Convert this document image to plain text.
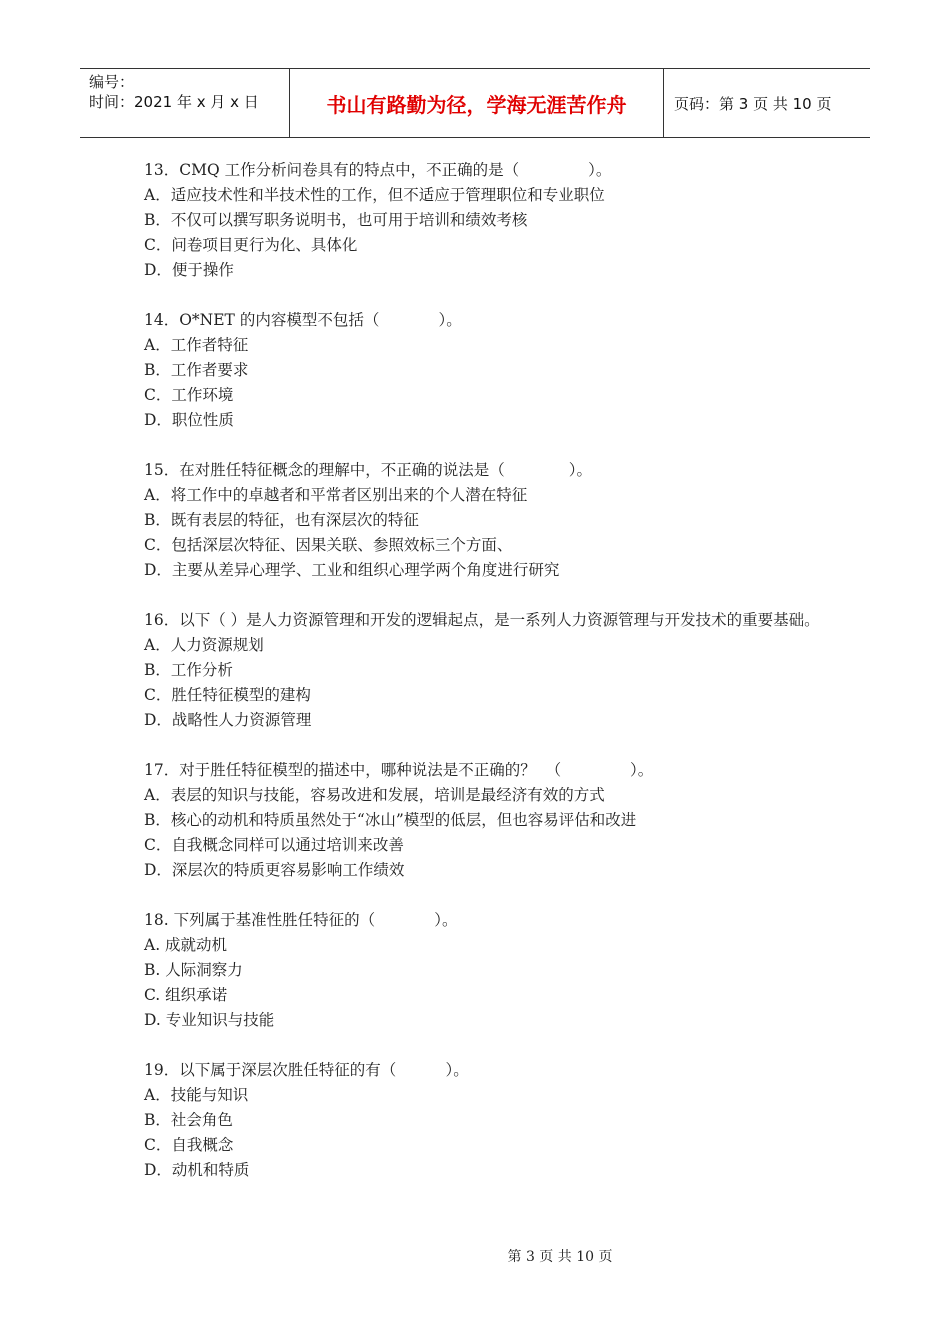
编号：
时间：2021 年 x 月 x 日	书山有路勤为径，学海无涯苦作舟	页码：第 3 页 共 10 页
13．CMQ 工作分析问卷具有的特点中，不正确的是（              ）。
A．适应技术性和半技术性的工作，但不适应于管理职位和专业职位
B．不仅可以撰写职务说明书，也可用于培训和绩效考核
C．问卷项目更行为化、具体化
D．便于操作
14．O*NET 的内容模型不包括（            ）。
A．工作者特征
B．工作者要求
C．工作环境
D．职位性质
15．在对胜任特征概念的理解中，不正确的说法是（             ）。
A．将工作中的卓越者和平常者区别出来的个人潜在特征
B．既有表层的特征，也有深层次的特征
C．包括深层次特征、因果关联、参照效标三个方面、
D．主要从差异心理学、工业和组织心理学两个角度进行研究
16．以下（ ）是人力资源管理和开发的逻辑起点，是一系列人力资源管理与开发技术的重要基础。
A．人力资源规划
B．工作分析
C．胜任特征模型的建构
D．战略性人力资源管理
17．对于胜任特征模型的描述中，哪种说法是不正确的？  （              ）。
A．表层的知识与技能，容易改进和发展，培训是最经济有效的方式
B．核心的动机和特质虽然处于“冰山”模型的低层，但也容易评估和改进
C．自我概念同样可以通过培训来改善
D．深层次的特质更容易影响工作绩效
18. 下列属于基准性胜任特征的（            ）。
A. 成就动机
B. 人际洞察力
C. 组织承诺
D. 专业知识与技能
19．以下属于深层次胜任特征的有（          ）。
A．技能与知识
B．社会角色
C．自我概念
D．动机和特质
第 3 页 共 10 页
